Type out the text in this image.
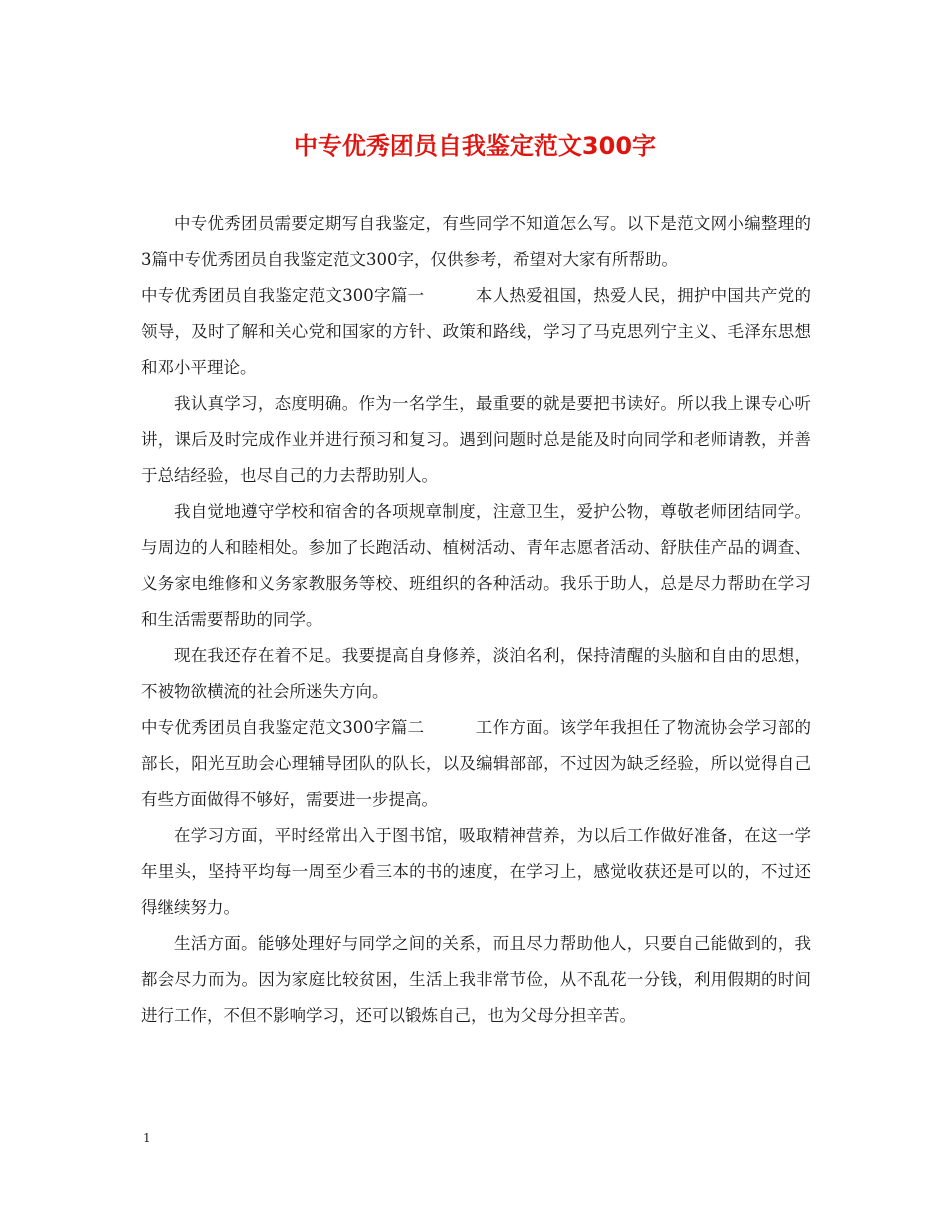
中专优秀团员自我鉴定范文300字

中专优秀团员需要定期写自我鉴定，有些同学不知道怎么写。以下是范文网小编整理的3篇中专优秀团员自我鉴定范文300字，仅供参考，希望对大家有所帮助。

中专优秀团员自我鉴定范文300字篇一	本人热爱祖国，热爱人民，拥护中国共产党的领导，及时了解和关心党和国家的方针、政策和路线，学习了马克思列宁主义、毛泽东思想和邓小平理论。

我认真学习，态度明确。作为一名学生，最重要的就是要把书读好。所以我上课专心听讲，课后及时完成作业并进行预习和复习。遇到问题时总是能及时向同学和老师请教，并善于总结经验，也尽自己的力去帮助别人。

我自觉地遵守学校和宿舍的各项规章制度，注意卫生，爱护公物，尊敬老师团结同学。与周边的人和睦相处。参加了长跑活动、植树活动、青年志愿者活动、舒肤佳产品的调查、义务家电维修和义务家教服务等校、班组织的各种活动。我乐于助人，总是尽力帮助在学习和生活需要帮助的同学。

现在我还存在着不足。我要提高自身修养，淡泊名利，保持清醒的头脑和自由的思想，不被物欲横流的社会所迷失方向。

中专优秀团员自我鉴定范文300字篇二	工作方面。该学年我担任了物流协会学习部的部长，阳光互助会心理辅导团队的队长，以及编辑部部，不过因为缺乏经验，所以觉得自己有些方面做得不够好，需要进一步提高。

在学习方面，平时经常出入于图书馆，吸取精神营养，为以后工作做好准备，在这一学年里头，坚持平均每一周至少看三本的书的速度，在学习上，感觉收获还是可以的，不过还得继续努力。

生活方面。能够处理好与同学之间的关系，而且尽力帮助他人，只要自己能做到的，我都会尽力而为。因为家庭比较贫困，生活上我非常节俭，从不乱花一分钱，利用假期的时间进行工作，不但不影响学习，还可以锻炼自己，也为父母分担辛苦。

1
